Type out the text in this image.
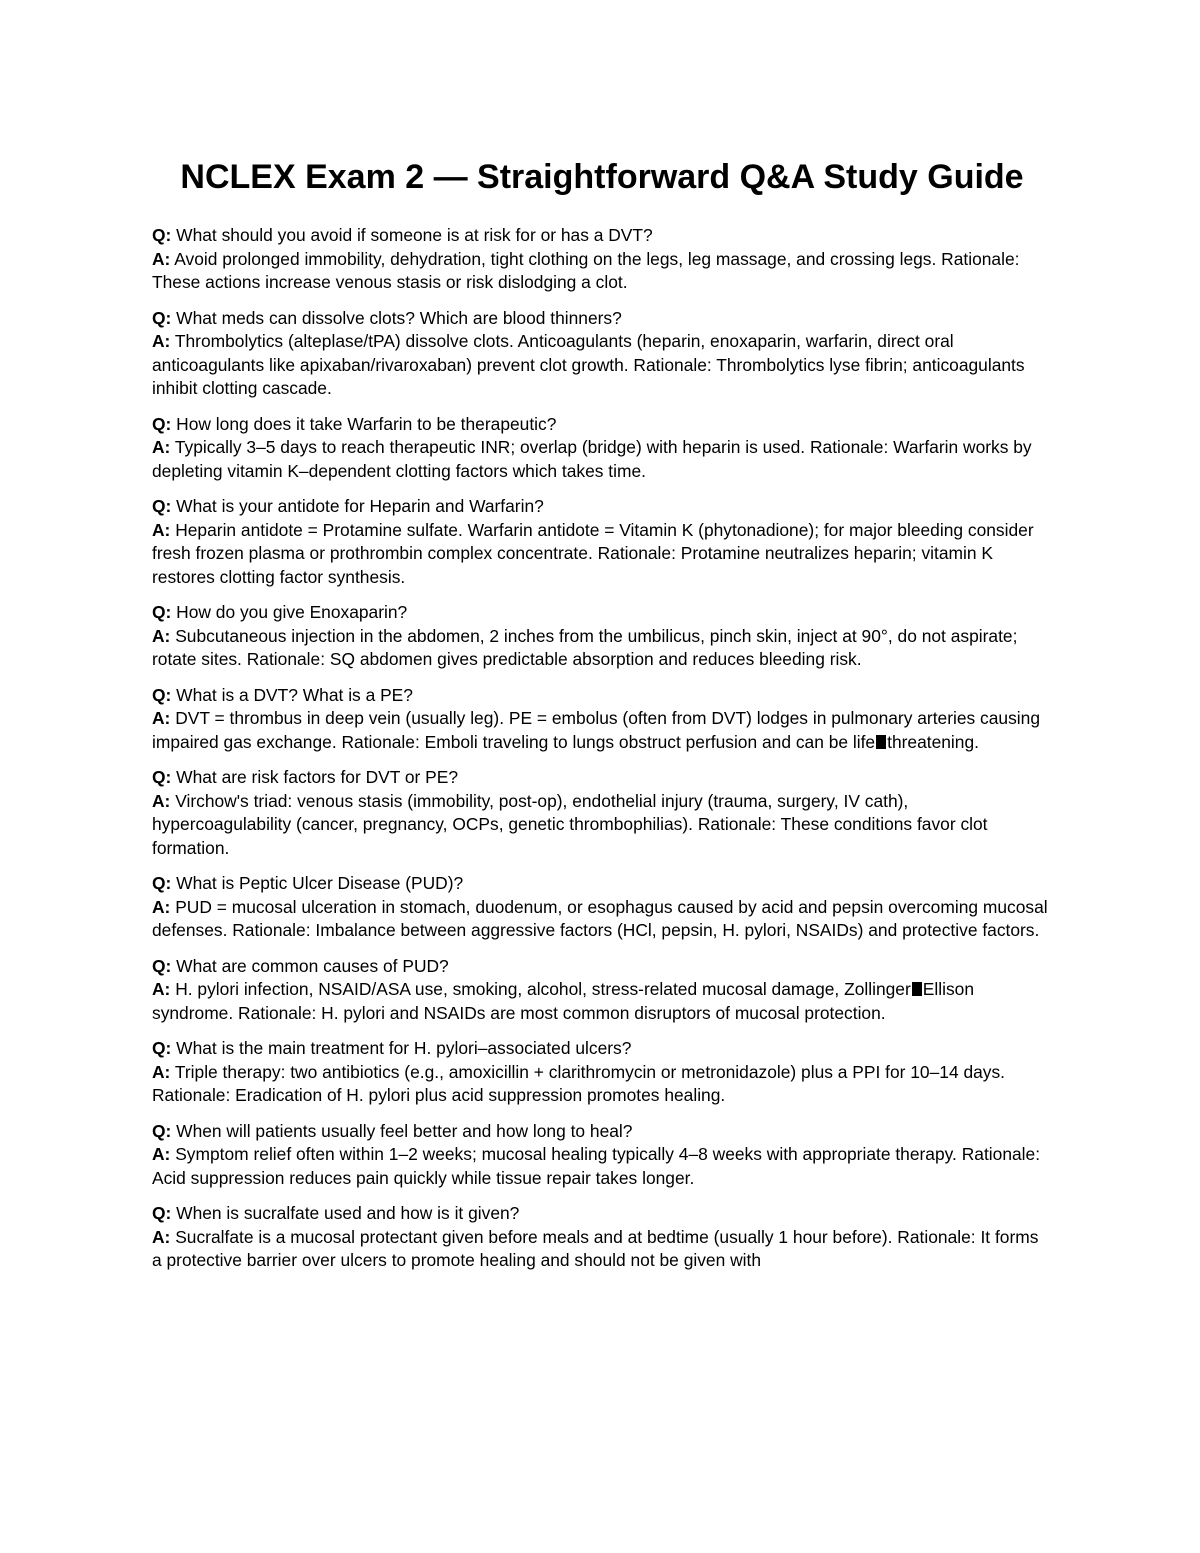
NCLEX Exam 2 — Straightforward Q&A Study Guide
Q: What should you avoid if someone is at risk for or has a DVT?
A: Avoid prolonged immobility, dehydration, tight clothing on the legs, leg massage, and crossing legs. Rationale: These actions increase venous stasis or risk dislodging a clot.
Q: What meds can dissolve clots? Which are blood thinners?
A: Thrombolytics (alteplase/tPA) dissolve clots. Anticoagulants (heparin, enoxaparin, warfarin, direct oral anticoagulants like apixaban/rivaroxaban) prevent clot growth. Rationale: Thrombolytics lyse fibrin; anticoagulants inhibit clotting cascade.
Q: How long does it take Warfarin to be therapeutic?
A: Typically 3–5 days to reach therapeutic INR; overlap (bridge) with heparin is used. Rationale: Warfarin works by depleting vitamin K–dependent clotting factors which takes time.
Q: What is your antidote for Heparin and Warfarin?
A: Heparin antidote = Protamine sulfate. Warfarin antidote = Vitamin K (phytonadione); for major bleeding consider fresh frozen plasma or prothrombin complex concentrate. Rationale: Protamine neutralizes heparin; vitamin K restores clotting factor synthesis.
Q: How do you give Enoxaparin?
A: Subcutaneous injection in the abdomen, 2 inches from the umbilicus, pinch skin, inject at 90°, do not aspirate; rotate sites. Rationale: SQ abdomen gives predictable absorption and reduces bleeding risk.
Q: What is a DVT? What is a PE?
A: DVT = thrombus in deep vein (usually leg). PE = embolus (often from DVT) lodges in pulmonary arteries causing impaired gas exchange. Rationale: Emboli traveling to lungs obstruct perfusion and can be life threatening.
Q: What are risk factors for DVT or PE?
A: Virchow's triad: venous stasis (immobility, post-op), endothelial injury (trauma, surgery, IV cath), hypercoagulability (cancer, pregnancy, OCPs, genetic thrombophilias). Rationale: These conditions favor clot formation.
Q: What is Peptic Ulcer Disease (PUD)?
A: PUD = mucosal ulceration in stomach, duodenum, or esophagus caused by acid and pepsin overcoming mucosal defenses. Rationale: Imbalance between aggressive factors (HCl, pepsin, H. pylori, NSAIDs) and protective factors.
Q: What are common causes of PUD?
A: H. pylori infection, NSAID/ASA use, smoking, alcohol, stress-related mucosal damage, Zollinger Ellison syndrome. Rationale: H. pylori and NSAIDs are most common disruptors of mucosal protection.
Q: What is the main treatment for H. pylori–associated ulcers?
A: Triple therapy: two antibiotics (e.g., amoxicillin + clarithromycin or metronidazole) plus a PPI for 10–14 days. Rationale: Eradication of H. pylori plus acid suppression promotes healing.
Q: When will patients usually feel better and how long to heal?
A: Symptom relief often within 1–2 weeks; mucosal healing typically 4–8 weeks with appropriate therapy. Rationale: Acid suppression reduces pain quickly while tissue repair takes longer.
Q: When is sucralfate used and how is it given?
A: Sucralfate is a mucosal protectant given before meals and at bedtime (usually 1 hour before). Rationale: It forms a protective barrier over ulcers to promote healing and should not be given with
